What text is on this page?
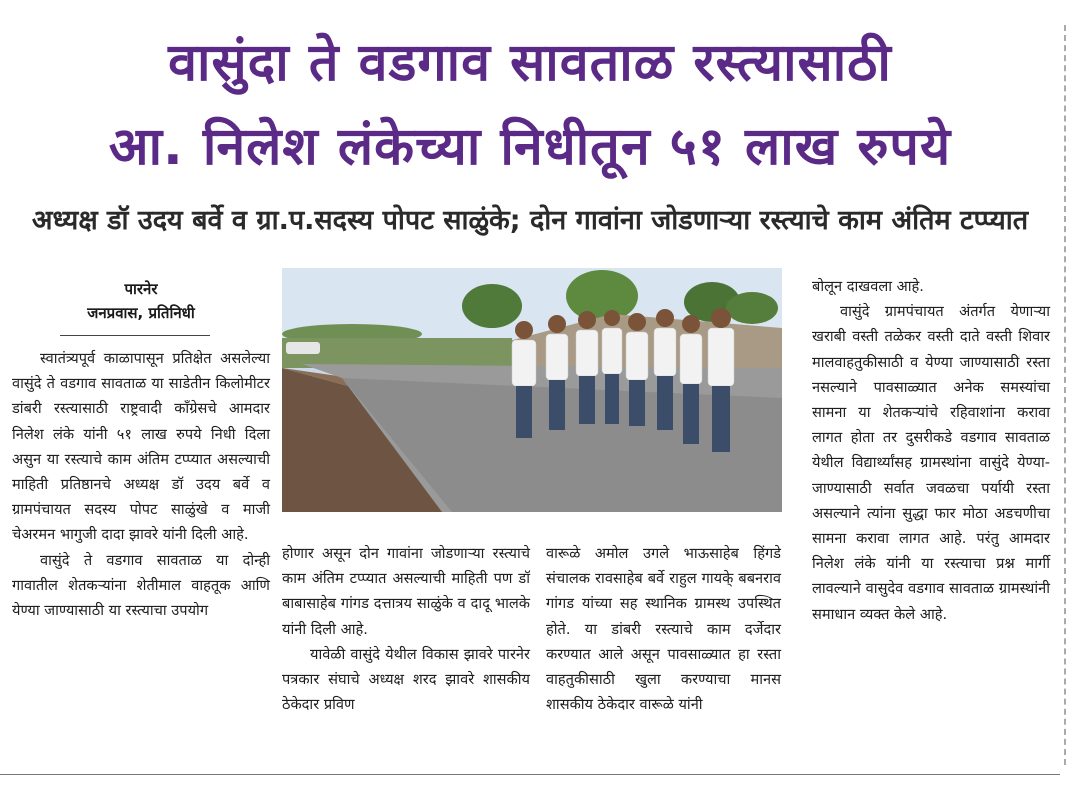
वासुंदा ते वडगाव सावताळ रस्त्यासाठी
आ. निलेश लंकेच्या निधीतून ५१ लाख रुपये
अध्यक्ष डॉ उदय बर्वे व ग्रा.प.सदस्य पोपट साळुंके; दोन गावांना जोडणाऱ्या रस्त्याचे काम अंतिम टप्प्यात
पारनेर
जनप्रवास, प्रतिनिधी

स्वातंत्र्यपूर्व काळापासून प्रतिक्षेत असलेल्या वासुंदे ते वडगाव सावताळ या साडेतीन किलोमीटर डांबरी रस्त्यासाठी राष्ट्रवादी कॉंग्रेसचे आमदार निलेश लंके यांनी ५१ लाख रुपये निधी दिला असुन या रस्त्याचे काम अंतिम टप्प्यात असल्याची माहिती प्रतिष्ठानचे अध्यक्ष डॉ उदय बर्वे व ग्रामपंचायत सदस्य पोपट साळुंखे व माजी चेअरमन भागुजी दादा झावरे यांनी दिली आहे.

वासुंदे ते वडगाव सावताळ या दोन्ही गावातील शेतकऱ्यांना शेतीमाल वाहतूक आणि येण्या जाण्यासाठी या रस्त्याचा उपयोग

होणार असून दोन गावांना जोडणाऱ्या रस्त्याचे काम अंतिम टप्प्यात असल्याची माहिती पण डॉ बाबासाहेब गांगड दत्तात्रय साळुंके व दादू भालके यांनी दिली आहे.

यावेळी वासुंदे येथील विकास झावरे पारनेर पत्रकार संघाचे अध्यक्ष शरद झावरे शासकीय ठेकेदार प्रविण

वारूळे अमोल उगले भाऊसाहेब हिंगडे संचालक रावसाहेब बर्वे राहुल गायके् बबनराव गांगड यांच्या सह स्थानिक ग्रामस्थ उपस्थित होते. या डांबरी रस्त्याचे काम दर्जेदार करण्यात आले असून पावसाळ्यात हा रस्ता वाहतुकीसाठी खुला करण्याचा मानस शासकीय ठेकेदार वारूळे यांनी

बोलून दाखवला आहे.

वासुंदे ग्रामपंचायत अंतर्गत येणाऱ्या खराबी वस्ती तळेकर वस्ती दाते वस्ती शिवार मालवाहतुकीसाठी व येण्या जाण्यासाठी रस्ता नसल्याने पावसाळ्यात अनेक समस्यांचा सामना या शेतकऱ्यांचे रहिवाशांना करावा लागत होता तर दुसरीकडे वडगाव सावताळ येथील विद्यार्थ्यांसह ग्रामस्थांना वासुंदे येण्या-जाण्यासाठी सर्वात जवळचा पर्यायी रस्ता असल्याने त्यांना सुद्धा फार मोठा अडचणीचा सामना करावा लागत आहे. परंतु आमदार निलेश लंके यांनी या रस्त्याचा प्रश्न मार्गी लावल्याने वासुदेव वडगाव सावताळ ग्रामस्थांनी समाधान व्यक्त केले आहे.
